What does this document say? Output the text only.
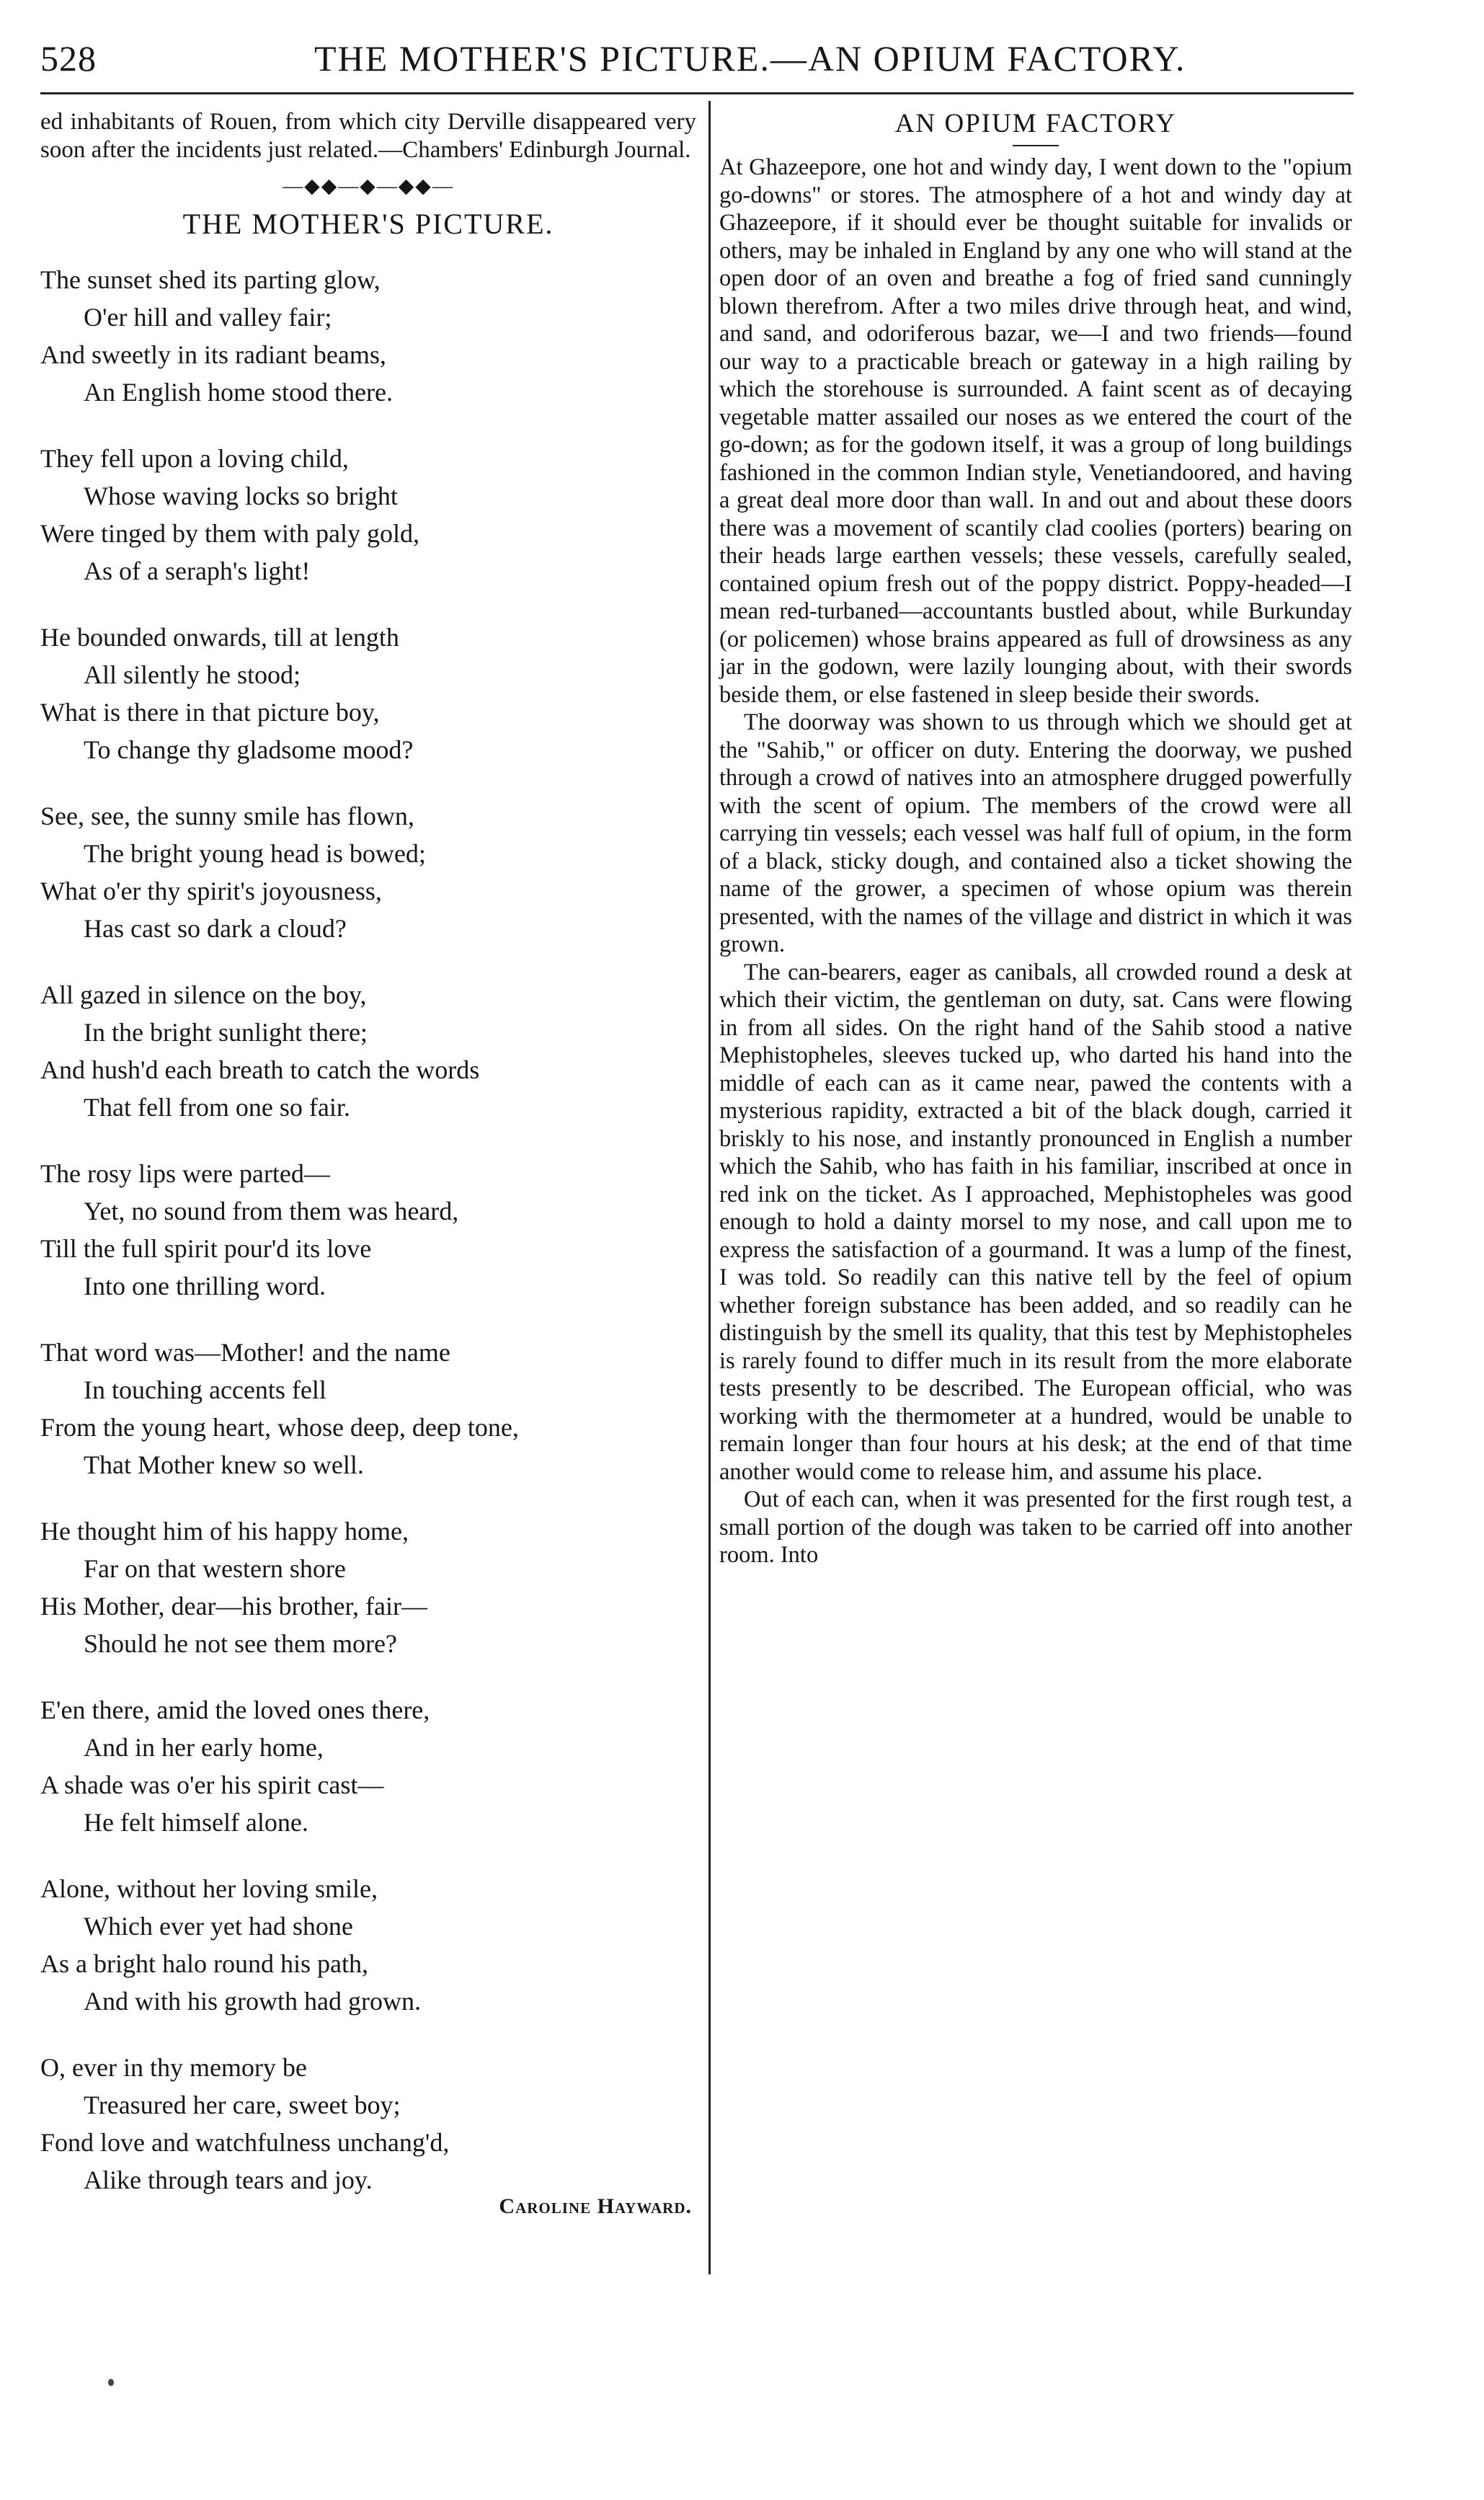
528	THE MOTHER'S PICTURE.—AN OPIUM FACTORY.

ed inhabitants of Rouen, from which city Derville disappeared very soon after the incidents just related.—Chambers' Edinburgh Journal.

—◆◆—◆—◆◆—
THE MOTHER'S PICTURE.
The sunset shed its parting glow,
O'er hill and valley fair;
And sweetly in its radiant beams,
An English home stood there.
They fell upon a loving child,
Whose waving locks so bright
Were tinged by them with paly gold,
As of a seraph's light!
He bounded onwards, till at length
All silently he stood;
What is there in that picture boy,
To change thy gladsome mood?
See, see, the sunny smile has flown,
The bright young head is bowed;
What o'er thy spirit's joyousness,
Has cast so dark a cloud?
All gazed in silence on the boy,
In the bright sunlight there;
And hush'd each breath to catch the words
That fell from one so fair.
The rosy lips were parted—
Yet, no sound from them was heard,
Till the full spirit pour'd its love
Into one thrilling word.
That word was—Mother! and the name
In touching accents fell
From the young heart, whose deep, deep tone,
That Mother knew so well.
He thought him of his happy home,
Far on that western shore
His Mother, dear—his brother, fair—
Should he not see them more?
E'en there, amid the loved ones there,
And in her early home,
A shade was o'er his spirit cast—
He felt himself alone.
Alone, without her loving smile,
Which ever yet had shone
As a bright halo round his path,
And with his growth had grown.
O, ever in thy memory be
Treasured her care, sweet boy;
Fond love and watchfulness unchang'd,
Alike through tears and joy.
Caroline Hayward.
AN OPIUM FACTORY

At Ghazeepore, one hot and windy day, I went down to the "opium go-downs" or stores. The atmosphere of a hot and windy day at Ghazeepore, if it should ever be thought suitable for invalids or others, may be inhaled in England by any one who will stand at the open door of an oven and breathe a fog of fried sand cunningly blown therefrom. After a two miles drive through heat, and wind, and sand, and odoriferous bazar, we—I and two friends—found our way to a practicable breach or gateway in a high railing by which the storehouse is surrounded. A faint scent as of decaying vegetable matter assailed our noses as we entered the court of the go-down; as for the godown itself, it was a group of long buildings fashioned in the common Indian style, Venetiandoored, and having a great deal more door than wall. In and out and about these doors there was a movement of scantily clad coolies (porters) bearing on their heads large earthen vessels; these vessels, carefully sealed, contained opium fresh out of the poppy district. Poppy-headed—I mean red-turbaned—accountants bustled about, while Burkunday (or policemen) whose brains appeared as full of drowsiness as any jar in the godown, were lazily lounging about, with their swords beside them, or else fastened in sleep beside their swords.

The doorway was shown to us through which we should get at the "Sahib," or officer on duty. Entering the doorway, we pushed through a crowd of natives into an atmosphere drugged powerfully with the scent of opium. The members of the crowd were all carrying tin vessels; each vessel was half full of opium, in the form of a black, sticky dough, and contained also a ticket showing the name of the grower, a specimen of whose opium was therein presented, with the names of the village and district in which it was grown.

The can-bearers, eager as canibals, all crowded round a desk at which their victim, the gentleman on duty, sat. Cans were flowing in from all sides. On the right hand of the Sahib stood a native Mephistopheles, sleeves tucked up, who darted his hand into the middle of each can as it came near, pawed the contents with a mysterious rapidity, extracted a bit of the black dough, carried it briskly to his nose, and instantly pronounced in English a number which the Sahib, who has faith in his familiar, inscribed at once in red ink on the ticket. As I approached, Mephistopheles was good enough to hold a dainty morsel to my nose, and call upon me to express the satisfaction of a gourmand. It was a lump of the finest, I was told. So readily can this native tell by the feel of opium whether foreign substance has been added, and so readily can he distinguish by the smell its quality, that this test by Mephistopheles is rarely found to differ much in its result from the more elaborate tests presently to be described. The European official, who was working with the thermometer at a hundred, would be unable to remain longer than four hours at his desk; at the end of that time another would come to release him, and assume his place.

Out of each can, when it was presented for the first rough test, a small portion of the dough was taken to be carried off into another room. Into
